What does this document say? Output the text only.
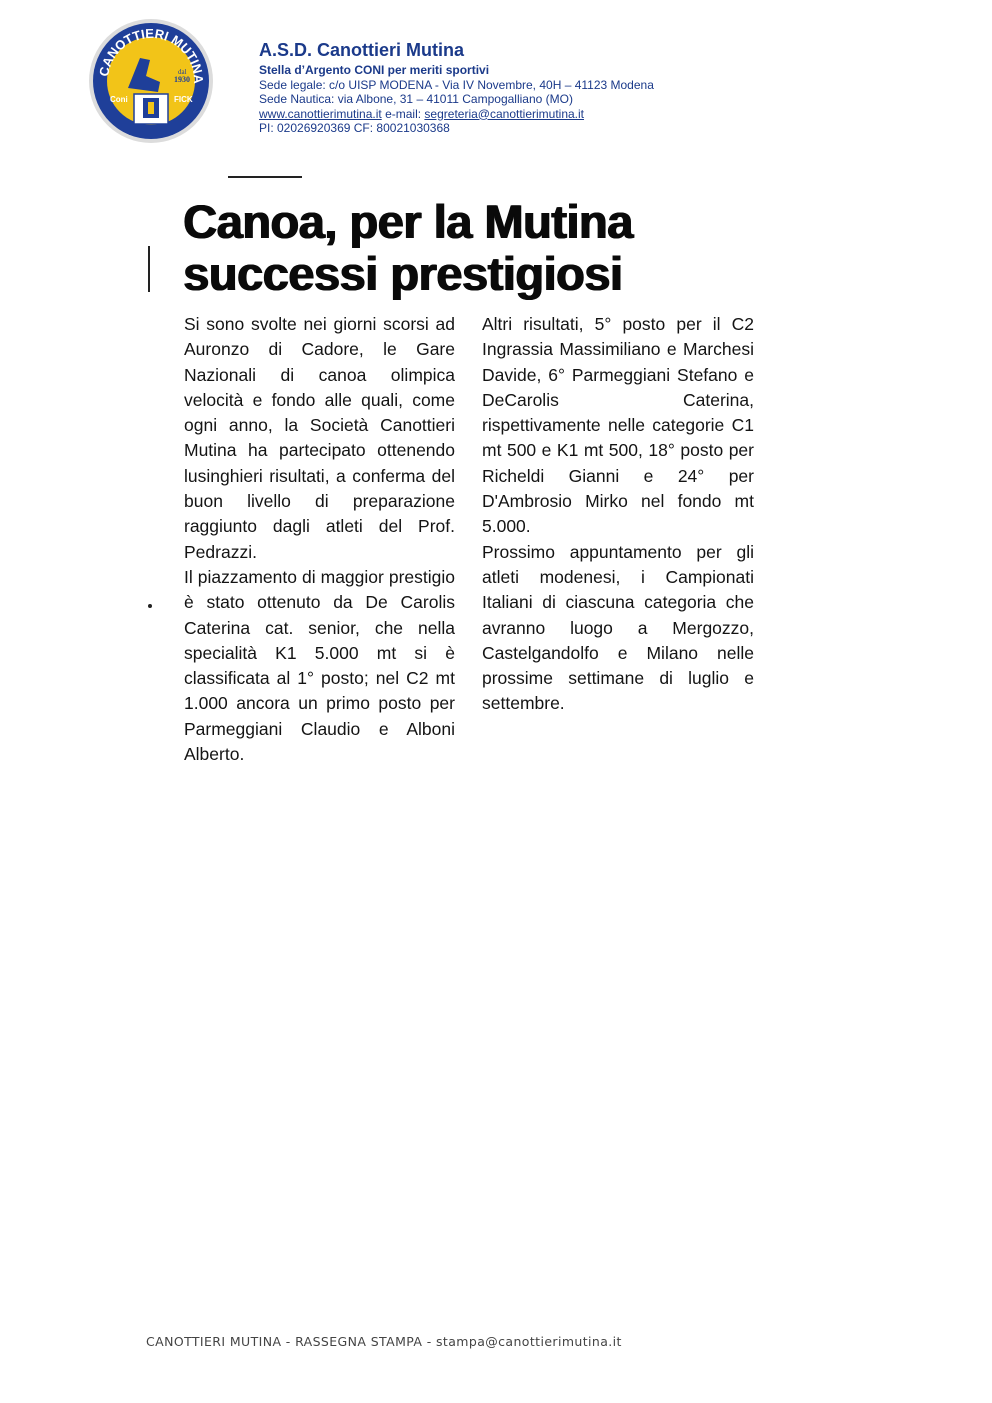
CANOTTIERI MUTINA
Coni	FICK
dal
1930
A.S.D. Canottieri Mutina
Stella d’Argento CONI per meriti sportivi
Sede legale: c/o UISP MODENA - Via IV Novembre, 40H – 41123 Modena
Sede Nautica: via Albone, 31 – 41011 Campogalliano (MO)
www.canottierimutina.it e-mail: segreteria@canottierimutina.it
PI: 02026920369 CF: 80021030368
Canoa, per la Mutina
successi prestigiosi

Si sono svolte nei giorni scorsi ad Auronzo di Cadore, le Gare Nazionali di canoa olimpica velocità e fondo alle quali, come ogni anno, la Società Canottieri Mutina ha partecipato ottenendo lusinghieri risultati, a conferma del buon livello di preparazione raggiunto dagli atleti del Prof. Pedrazzi.

Il piazzamento di maggior prestigio è stato ottenuto da De Carolis Caterina cat. senior, che nella specialità K1 5.000 mt si è classificata al 1° posto; nel C2 mt 1.000 ancora un primo posto per Parmeggiani Claudio e Alboni Alberto.

Altri risultati, 5° posto per il C2 Ingrassia Massimiliano e Marchesi Davide, 6° Parmeggiani Stefano e DeCarolis Caterina, rispettivamente nelle categorie C1 mt 500 e K1 mt 500, 18° posto per Richeldi Gianni e 24° per D'Ambrosio Mirko nel fondo mt 5.000.

Prossimo appuntamento per gli atleti modenesi, i Campionati Italiani di ciascuna categoria che avranno luogo a Mergozzo, Castelgandolfo e Milano nelle prossime settimane di luglio e settembre.

CANOTTIERI MUTINA - RASSEGNA STAMPA - stampa@canottierimutina.it
